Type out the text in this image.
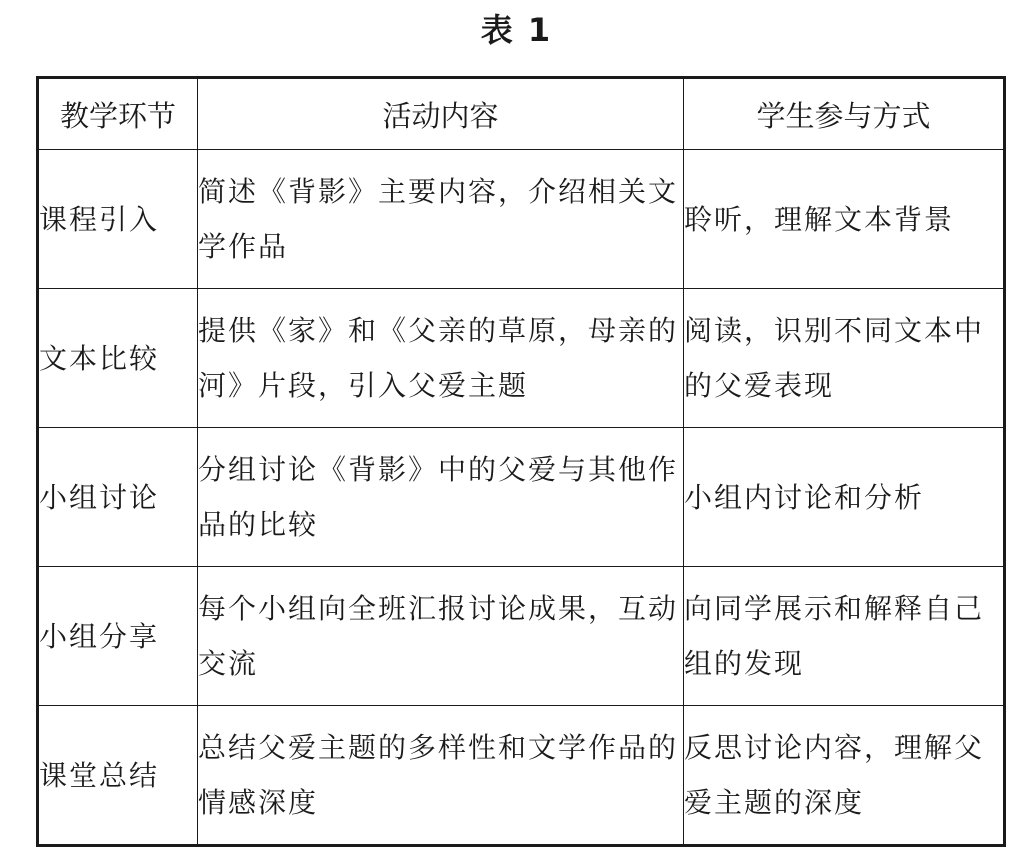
表 1
教学环节	活动内容	学生参与方式
课程引入	简述《背影》主要内容，介绍相关文学作品	聆听，理解文本背景
文本比较	提供《家》和《父亲的草原，母亲的河》片段，引入父爱主题	阅读，识别不同文本中的父爱表现
小组讨论	分组讨论《背影》中的父爱与其他作品的比较	小组内讨论和分析
小组分享	每个小组向全班汇报讨论成果，互动交流	向同学展示和解释自己组的发现
课堂总结	总结父爱主题的多样性和文学作品的情感深度	反思讨论内容，理解父爱主题的深度
